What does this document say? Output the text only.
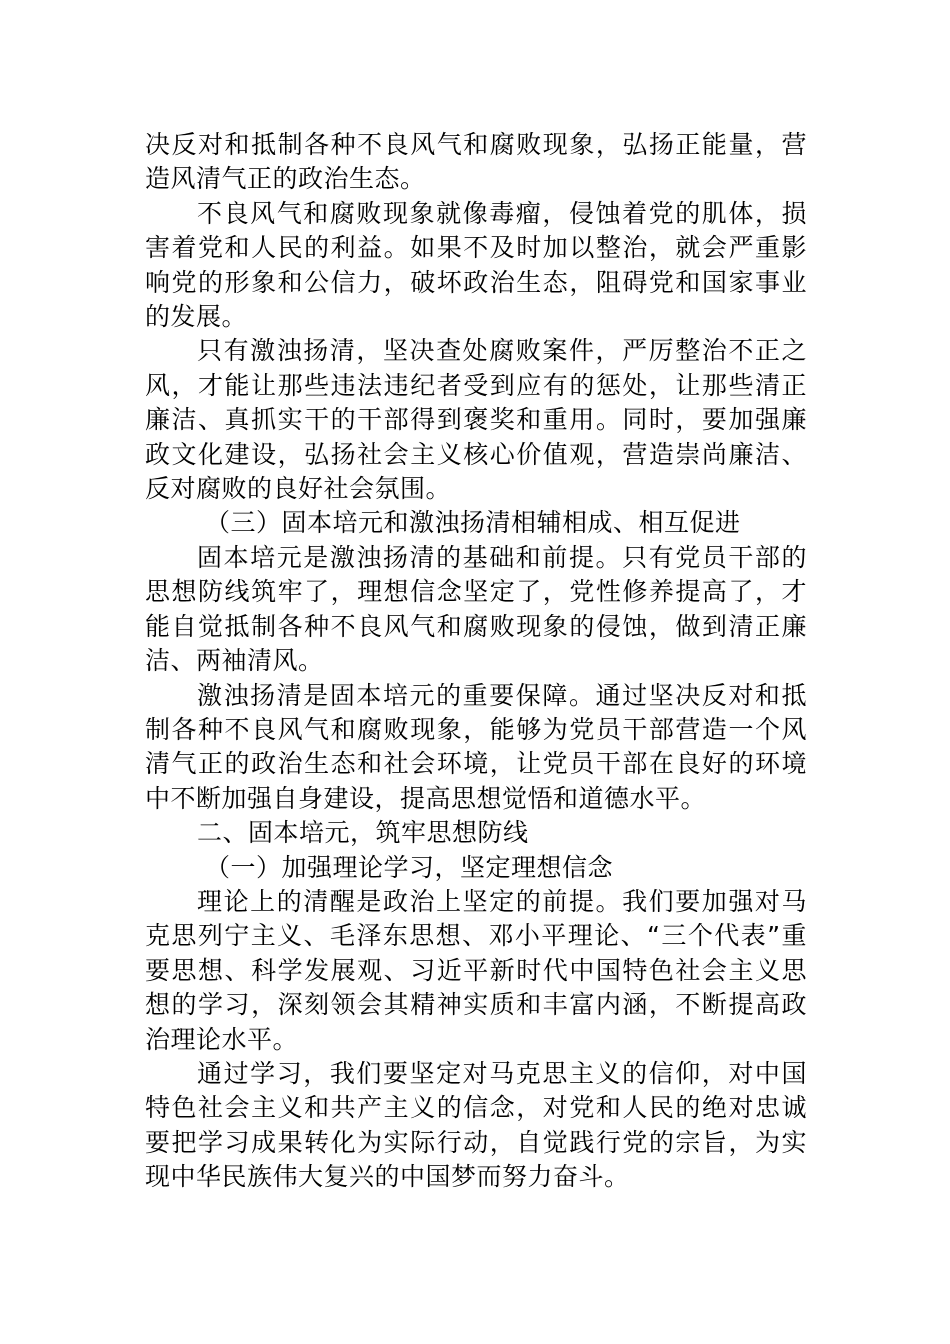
决反对和抵制各种不良风气和腐败现象，弘扬正能量，营造风清气正的政治生态。

不良风气和腐败现象就像毒瘤，侵蚀着党的肌体，损害着党和人民的利益。如果不及时加以整治，就会严重影响党的形象和公信力，破坏政治生态，阻碍党和国家事业的发展。

只有激浊扬清，坚决查处腐败案件，严厉整治不正之风，才能让那些违法违纪者受到应有的惩处，让那些清正廉洁、真抓实干的干部得到褒奖和重用。同时，要加强廉政文化建设，弘扬社会主义核心价值观，营造崇尚廉洁、反对腐败的良好社会氛围。

（三）固本培元和激浊扬清相辅相成、相互促进

固本培元是激浊扬清的基础和前提。只有党员干部的思想防线筑牢了，理想信念坚定了，党性修养提高了，才能自觉抵制各种不良风气和腐败现象的侵蚀，做到清正廉洁、两袖清风。

激浊扬清是固本培元的重要保障。通过坚决反对和抵制各种不良风气和腐败现象，能够为党员干部营造一个风清气正的政治生态和社会环境，让党员干部在良好的环境中不断加强自身建设，提高思想觉悟和道德水平。

二、固本培元，筑牢思想防线

（一）加强理论学习，坚定理想信念

理论上的清醒是政治上坚定的前提。我们要加强对马克思列宁主义、毛泽东思想、邓小平理论、“三个代表”重要思想、科学发展观、习近平新时代中国特色社会主义思想的学习，深刻领会其精神实质和丰富内涵，不断提高政治理论水平。

通过学习，我们要坚定对马克思主义的信仰，对中国特色社会主义和共产主义的信念，对党和人民的绝对忠诚要把学习成果转化为实际行动，自觉践行党的宗旨，为实现中华民族伟大复兴的中国梦而努力奋斗。
